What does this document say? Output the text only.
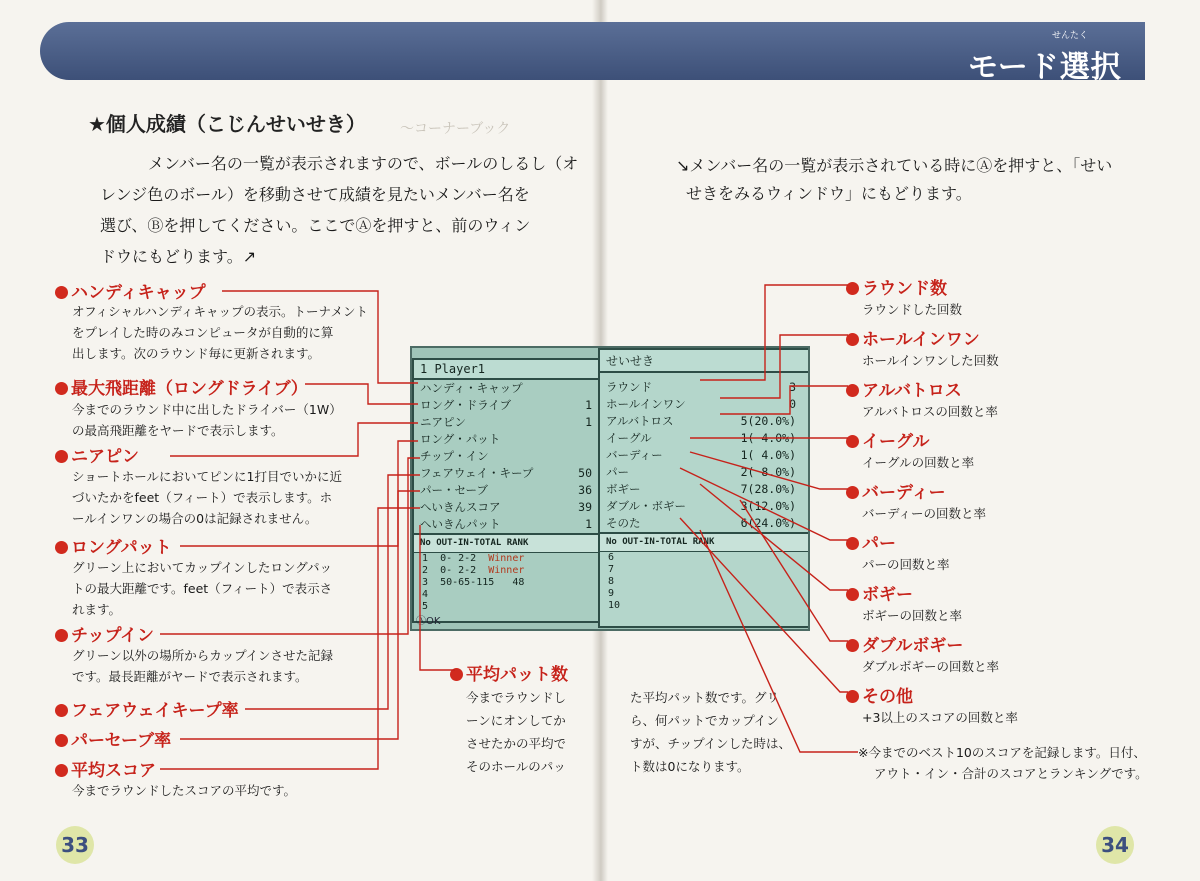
せんたく
モード選択
〜コーナーブック
★個人成績（こじんせいせき）
メンバー名の一覧が表示されますので、ボールのしるし（オ
レンジ色のボール）を移動させて成績を見たいメンバー名を
選び、Ⓑを押してください。ここでⒶを押すと、前のウィン
ドウにもどります。↗
ハンディキャップ
オフィシャルハンディキャップの表示。トーナメント
をプレイした時のみコンピュータが自動的に算
出します。次のラウンド毎に更新されます。
最大飛距離（ロングドライブ）
今までのラウンド中に出したドライバー（1W）
の最高飛距離をヤードで表示します。
ニアピン
ショートホールにおいてピンに1打目でいかに近
づいたかをfeet（フィート）で表示します。ホ
ールインワンの場合の0は記録されません。
ロングパット
グリーン上においてカップインしたロングパッ
トの最大距離です。feet（フィート）で表示さ
れます。
チップイン
グリーン以外の場所からカップインさせた記録
です。最長距離がヤードで表示されます。
フェアウェイキープ率
パーセーブ率
平均スコア
今までラウンドしたスコアの平均です。
平均パット数
今までラウンドし
ーンにオンしてか
させたかの平均で
そのホールのパッ
33
↘メンバー名の一覧が表示されている時にⒶを押すと、「せい
せきをみるウィンドウ」にもどります。
ラウンド数
ラウンドした回数
ホールインワン
ホールインワンした回数
アルバトロス
アルバトロスの回数と率
イーグル
イーグルの回数と率
バーディー
バーディーの回数と率
パー
パーの回数と率
ボギー
ボギーの回数と率
ダブルボギー
ダブルボギーの回数と率
その他
+3以上のスコアの回数と率
た平均パット数です。グリ
ら、何パットでカップイン
すが、チップインした時は、
ト数は0になります。
※今までのベスト10のスコアを記録します。日付、
アウト・イン・合計のスコアとランキングです。
34
1 Player1
ハンディ・キャップ
ロング・ドライブ	1
ニアピン	1
ロング・パット
チップ・イン
フェアウェイ・キープ	50
パー・セーブ	36
へいきんスコア	39
へいきんパット	1
No OUT-IN-TOTAL RANK
1 0- 2-2 Winner
2 0- 2-2 Winner
3 50-65-115 48
4
5
せいせき
ラウンド	3
ホールインワン	0
アルバトロス	5(20.0%)
イーグル	1( 4.0%)
バーディー	1( 4.0%)
パー	2( 8.0%)
ボギー	7(28.0%)
ダブル・ボギー	3(12.0%)
そのた	6(24.0%)
No OUT-IN-TOTAL RANK
6
7
8
9
10
ⒶOK
